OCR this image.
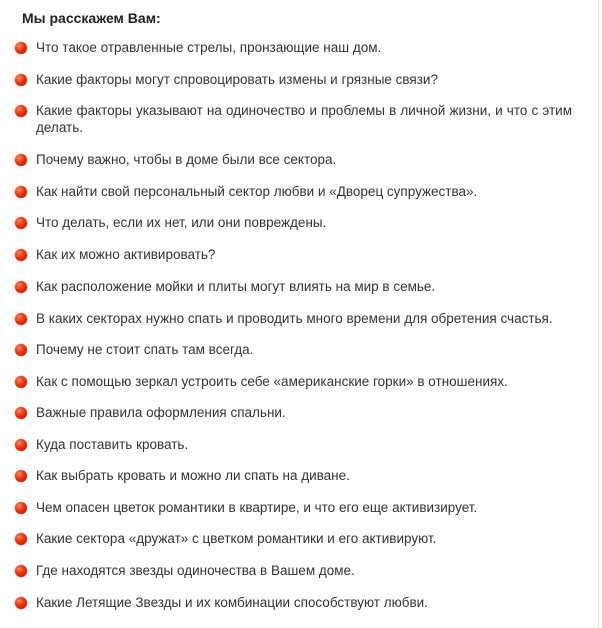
Мы расскажем Вам:
Что такое отравленные стрелы, пронзающие наш дом.
Какие факторы могут спровоцировать измены и грязные связи?
Какие факторы указывают на одиночество и проблемы в личной жизни, и что с этим делать.
Почему важно, чтобы в доме были все сектора.
Как найти свой персональный сектор любви и «Дворец супружества».
Что делать, если их нет, или они повреждены.
Как их можно активировать?
Как расположение мойки и плиты могут влиять на мир в семье.
В каких секторах нужно спать и проводить много времени для обретения счастья.
Почему не стоит спать там всегда.
Как с помощью зеркал устроить себе «американские горки» в отношениях.
Важные правила оформления спальни.
Куда поставить кровать.
Как выбрать кровать и можно ли спать на диване.
Чем опасен цветок романтики в квартире, и что его еще активизирует.
Какие сектора «дружат» с цветком романтики и его активируют.
Где находятся звезды одиночества в Вашем доме.
Какие Летящие Звезды и их комбинации способствуют любви.
